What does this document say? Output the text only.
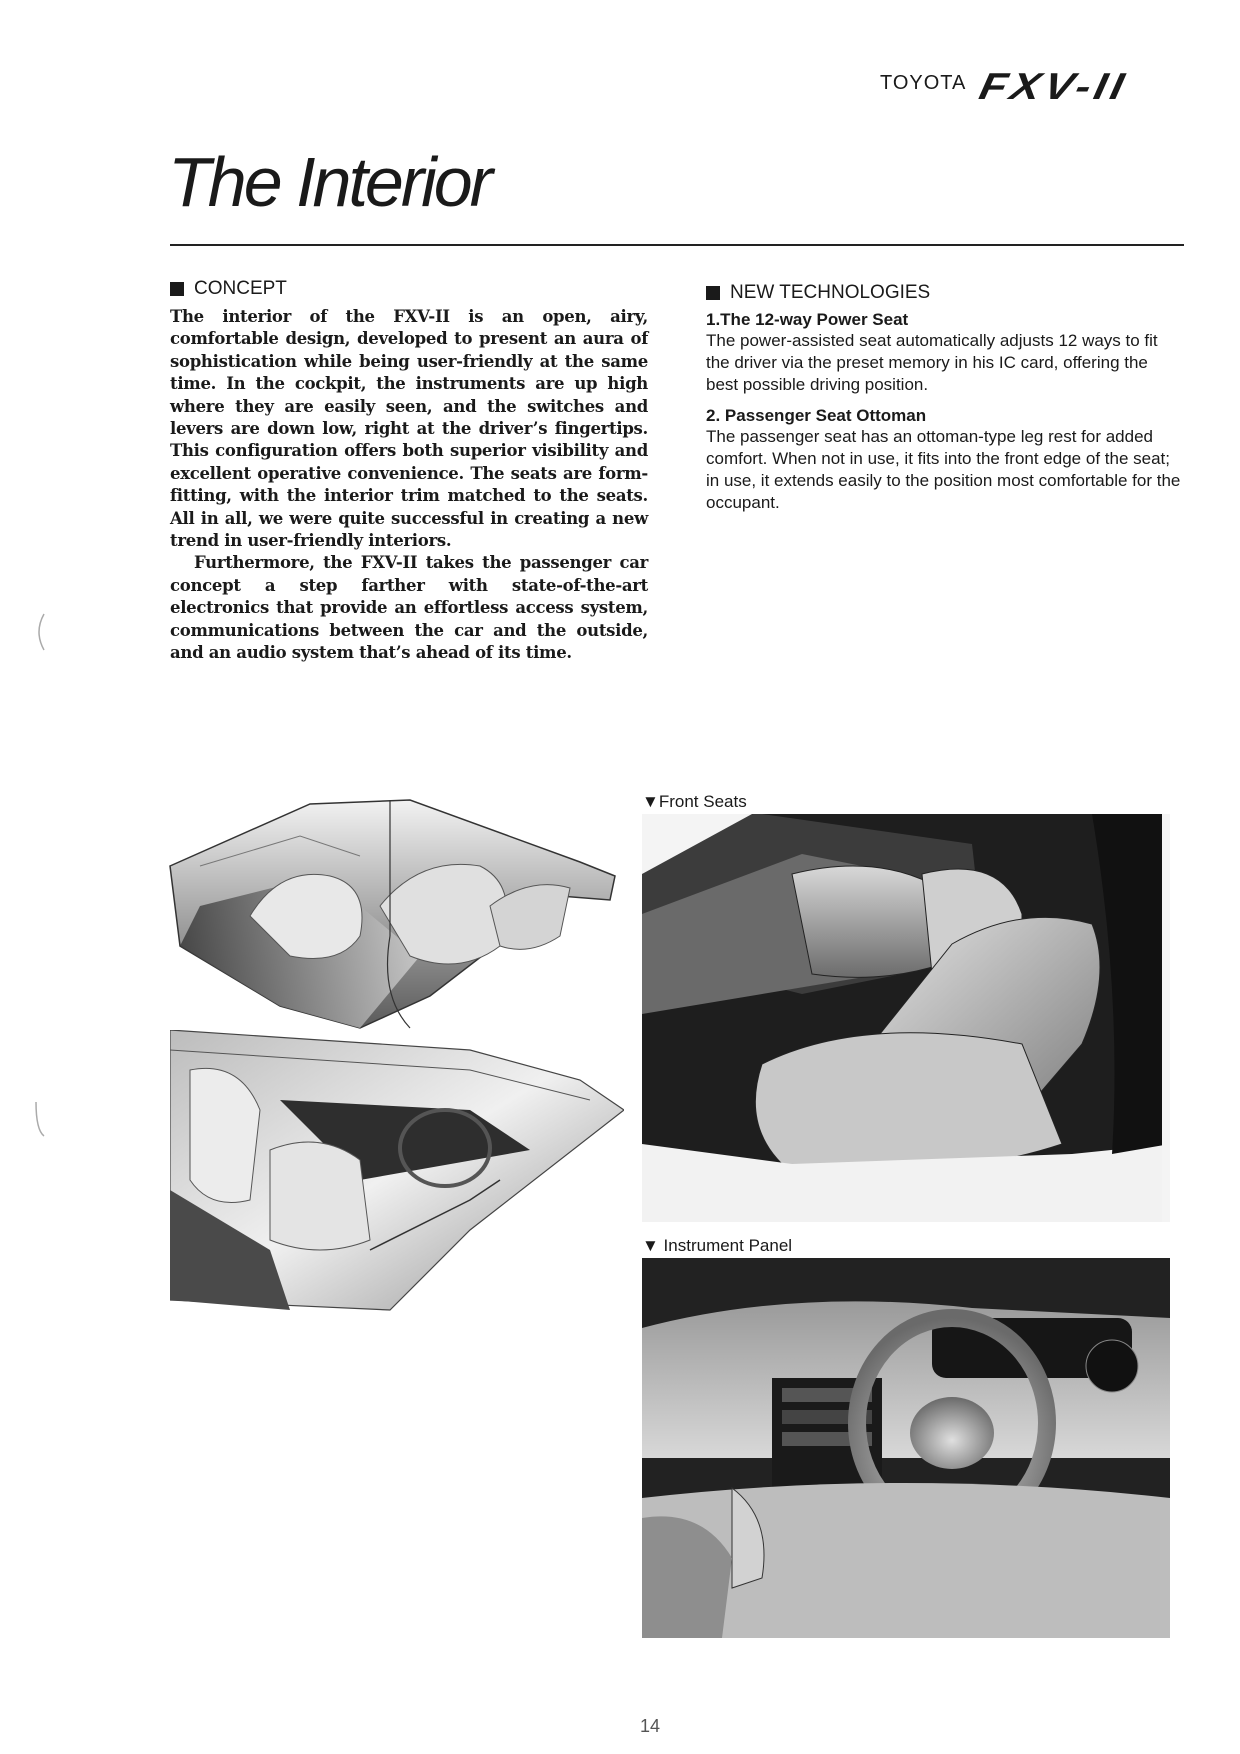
TOYOTA FXV-II
The Interior
CONCEPT

The interior of the FXV-II is an open, airy, comfortable design, developed to present an aura of sophistication while being user-friendly at the same time. In the cockpit, the instruments are up high where they are easily seen, and the switches and levers are down low, right at the driver’s fingertips. This configuration offers both superior visibility and excellent operative convenience. The seats are form-fitting, with the interior trim matched to the seats. All in all, we were quite successful in creating a new trend in user-friendly interiors.

Furthermore, the FXV-II takes the passenger car concept a step farther with state-of-the-art electronics that provide an effortless access system, communications between the car and the outside, and an audio system that’s ahead of its time.

NEW TECHNOLOGIES
1.The 12-way Power Seat

The power-assisted seat automatically adjusts 12 ways to fit the driver via the preset memory in his IC card, offering the best possible driving position.

2. Passenger Seat Ottoman

The passenger seat has an ottoman-type leg rest for added comfort. When not in use, it fits into the front edge of the seat; in use, it extends easily to the position most comfortable for the occupant.

▼Front Seats
▼ Instrument Panel
14
